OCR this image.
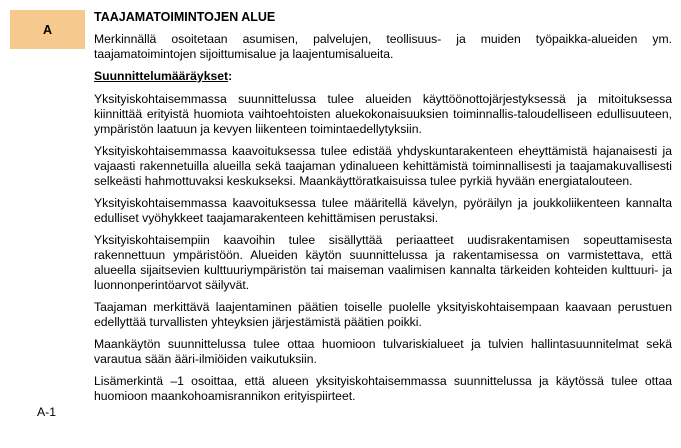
A
TAAJAMATOIMINTOJEN ALUE

Merkinnällä osoitetaan asumisen, palvelujen, teollisuus- ja muiden työpaikka-alueiden ym. taajamatoimintojen sijoittumisalue ja laajentumisalueita.

Suunnittelumääräykset:

Yksityiskohtaisemmassa suunnittelussa tulee alueiden käyttöönottojärjestyksessä ja mitoituksessa kiinnittää erityistä huomiota vaihtoehtoisten aluekokonaisuuksien toiminnallis-taloudelliseen edullisuuteen, ympäristön laatuun ja kevyen liikenteen toimintaedellytyksiin.

Yksityiskohtaisemmassa kaavoituksessa tulee edistää yhdyskuntarakenteen eheyttämistä hajanaisesti ja vajaasti rakennetuilla alueilla sekä taajaman ydinalueen kehittämistä toiminnallisesti ja taajamakuvallisesti selkeästi hahmottuvaksi keskukseksi. Maankäyttöratkaisuissa tulee pyrkiä hyvään energiatalouteen.

Yksityiskohtaisemmassa kaavoituksessa tulee määritellä kävelyn, pyöräilyn ja joukkoliikenteen kannalta edulliset vyöhykkeet taajamarakenteen kehittämisen perustaksi.

Yksityiskohtaisempiin kaavoihin tulee sisällyttää periaatteet uudisrakentamisen sopeuttamisesta rakennettuun ympäristöön. Alueiden käytön suunnittelussa ja rakentamisessa on varmistettava, että alueella sijaitsevien kulttuuriympäristön tai maiseman vaalimisen kannalta tärkeiden kohteiden kulttuuri- ja luonnonperintöarvot säilyvät.

Taajaman merkittävä laajentaminen päätien toiselle puolelle yksityiskohtaisempaan kaavaan perustuen edellyttää turvallisten yhteyksien järjestämistä päätien poikki.

Maankäytön suunnittelussa tulee ottaa huomioon tulvariskialueet ja tulvien hallintasuunnitelmat sekä varautua sään ääri-ilmiöiden vaikutuksiin.

Lisämerkintä –1 osoittaa, että alueen yksityiskohtaisemmassa suunnittelussa ja käytössä tulee ottaa huomioon maankohoamisrannikon erityispiirteet.

A-1
